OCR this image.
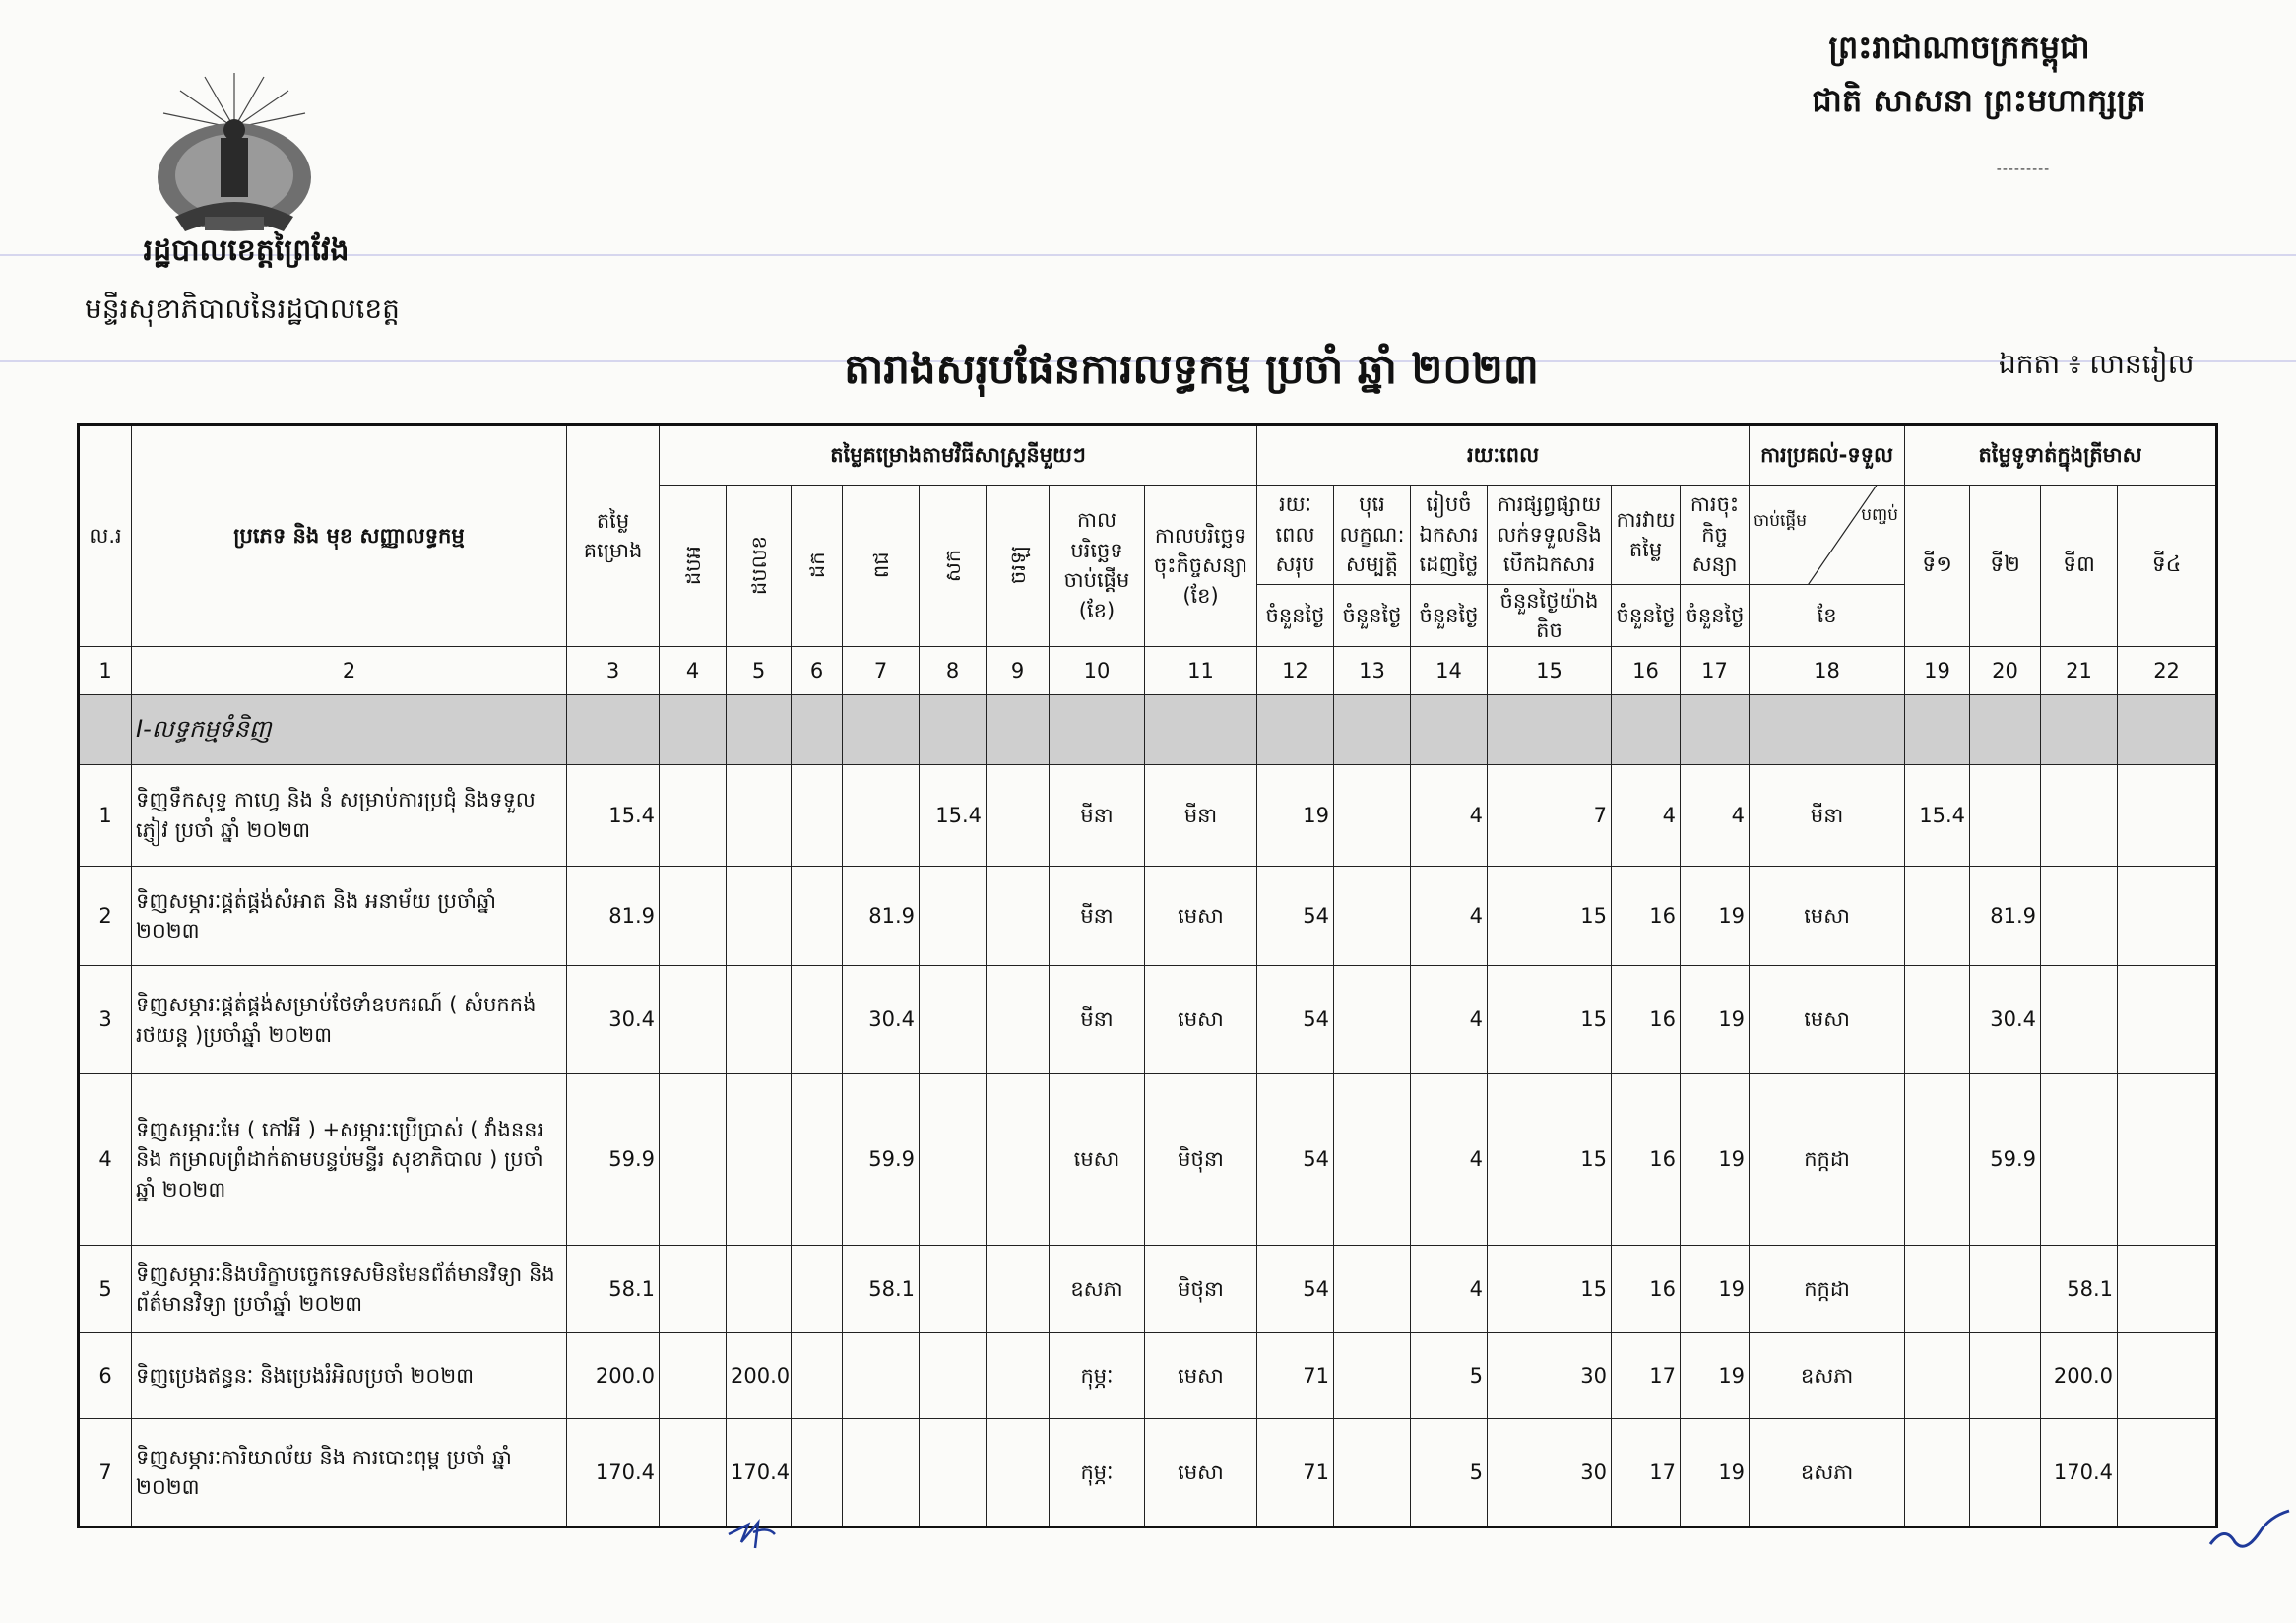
រដ្ឋបាលខេត្តព្រៃវែង
មន្ទីរសុខាភិបាលនៃរដ្ឋបាលខេត្ត
ព្រះរាជាណាចក្រកម្ពុជា
ជាតិ សាសនា ព្រះមហាក្សត្រ
---------
តារាងសរុបផែនការលទ្ធកម្ម ប្រចាំ ឆ្នាំ ២០២៣	ឯកតា ៖ លានរៀល
ល.រ	ប្រភេទ និង មុខ សញ្ញាលទ្ធកម្ម	តម្លៃ គម្រោង	តម្លៃគម្រោងតាមវិធីសាស្ត្រនីមួយៗ								រយៈពេល						ការប្រគល់-ទទួល	តម្លៃទូទាត់ក្នុងត្រីមាស			
			ដបអ	ដបលខ	ដក	ពជ	សក	ចរឡ	កាលបរិច្ឆេទ ចាប់ផ្ដើម (ខែ)	កាលបរិច្ឆេទ ចុះកិច្ចសន្យា (ខែ)	រយៈពេល សរុប	បុរេ លក្ខណ: សម្បត្តិ	រៀបចំ ឯកសារ ដេញថ្លៃ	ការផ្សព្វផ្សាយ លក់ទទួលនិង បើកឯកសារ	ការវាយ តម្លៃ	ការចុះកិច្ច សន្យា	ចាប់ផ្ដើម បញ្ចប់	ទី១	ទី២	ទី៣	ទី៤
											ចំនួនថ្ងៃ	ចំនួនថ្ងៃ	ចំនួនថ្ងៃ	ចំនួនថ្ងៃយ៉ាងតិច	ចំនួនថ្ងៃ	ចំនួនថ្ងៃ	ខែ				
1	2	3	4	5	6	7	8	9	10	11	12	13	14	15	16	17	18	19	20	21	22
	I-លទ្ធកម្មទំនិញ																				
1	ទិញទឹកសុទ្ធ កាហ្វេ និង នំ សម្រាប់ការប្រជុំ និងទទួលភ្ញៀវ ប្រចាំ ឆ្នាំ ២០២៣	15.4					15.4		មីនា	មីនា	19		4	7	4	4	មីនា	15.4			
2	ទិញសម្ភារៈផ្គត់ផ្គង់សំអាត និង អនាម័យ ប្រចាំឆ្នាំ ២០២៣	81.9				81.9			មីនា	មេសា	54		4	15	16	19	មេសា		81.9		
3	ទិញសម្ភារៈផ្គត់ផ្គង់សម្រាប់ថែទាំឧបករណ៍ ( សំបកកង់រថយន្ត )ប្រចាំឆ្នាំ ២០២៣	30.4				30.4			មីនា	មេសា	54		4	15	16	19	មេសា		30.4		
4	ទិញសម្ភារៈមែ ( កៅអី ) +សម្ភារៈប្រើប្រាស់ ( វាំងននរ និង កម្រាលព្រំដាក់តាមបន្ទប់មន្ទីរ សុខាភិបាល ) ប្រចាំឆ្នាំ ២០២៣	59.9				59.9			មេសា	មិថុនា	54		4	15	16	19	កក្កដា		59.9		
5	ទិញសម្ភារៈនិងបរិក្ខាបច្ចេកទេសមិនមែនព័ត៌មានវិទ្យា និង ព័ត៌មានវិទ្យា ប្រចាំឆ្នាំ ២០២៣	58.1				58.1			ឧសភា	មិថុនា	54		4	15	16	19	កក្កដា			58.1	
6	ទិញប្រេងឥន្ធនៈ និងប្រេងរំអិលប្រចាំ ២០២៣	200.0		200.0					កុម្ភៈ	មេសា	71		5	30	17	19	ឧសភា			200.0	
7	ទិញសម្ភារៈការិយាល័យ និង ការបោះពុម្ព ប្រចាំ ឆ្នាំ ២០២៣	170.4		170.4					កុម្ភៈ	មេសា	71		5	30	17	19	ឧសភា			170.4	
